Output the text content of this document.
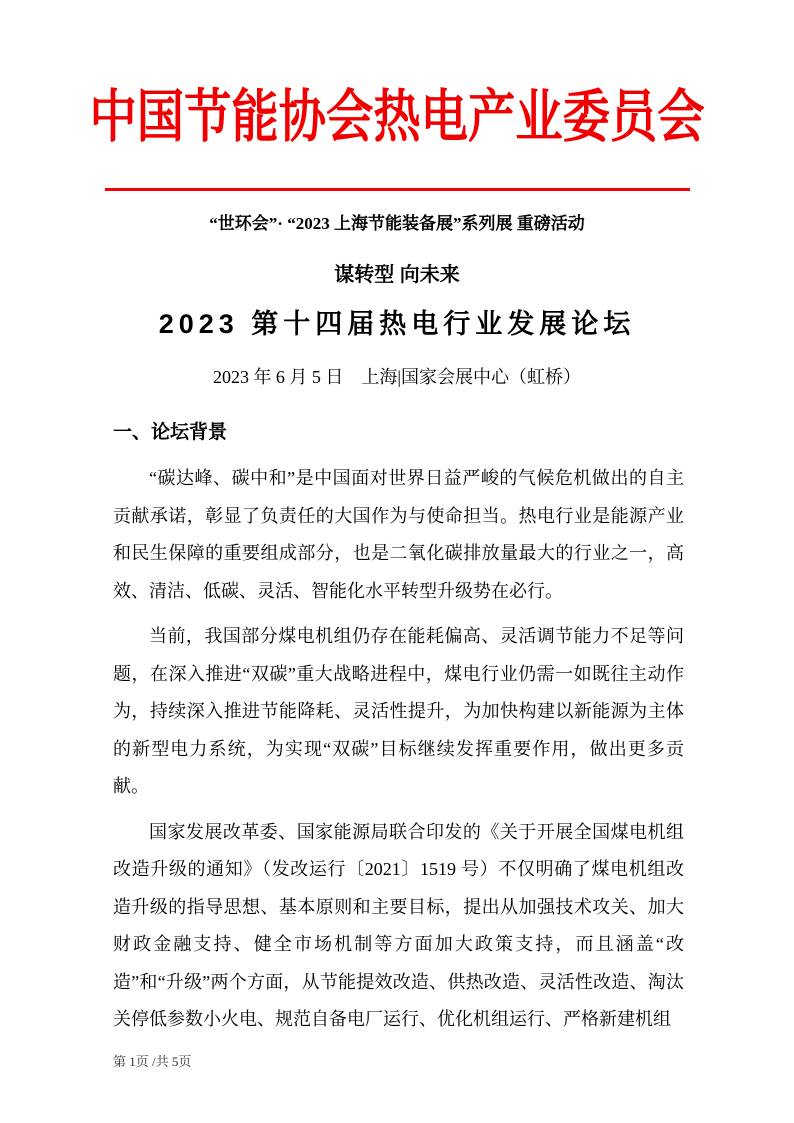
中国节能协会热电产业委员会
“世环会”· “2023 上海节能装备展”系列展 重磅活动
谋转型 向未来
2023 第十四届热电行业发展论坛
2023 年 6 月 5 日　上海|国家会展中心（虹桥）
一、论坛背景

“碳达峰、碳中和”是中国面对世界日益严峻的气候危机做出的自主贡献承诺，彰显了负责任的大国作为与使命担当。热电行业是能源产业和民生保障的重要组成部分，也是二氧化碳排放量最大的行业之一，高效、清洁、低碳、灵活、智能化水平转型升级势在必行。

当前，我国部分煤电机组仍存在能耗偏高、灵活调节能力不足等问题，在深入推进“双碳”重大战略进程中，煤电行业仍需一如既往主动作为，持续深入推进节能降耗、灵活性提升，为加快构建以新能源为主体的新型电力系统，为实现“双碳”目标继续发挥重要作用，做出更多贡献。

国家发展改革委、国家能源局联合印发的《关于开展全国煤电机组改造升级的通知》（发改运行〔2021〕1519 号）不仅明确了煤电机组改造升级的指导思想、基本原则和主要目标，提出从加强技术攻关、加大财政金融支持、健全市场机制等方面加大政策支持，而且涵盖“改造”和“升级”两个方面，从节能提效改造、供热改造、灵活性改造、淘汰关停低参数小火电、规范自备电厂运行、优化机组运行、严格新建机组

第 1页 /共 5页
